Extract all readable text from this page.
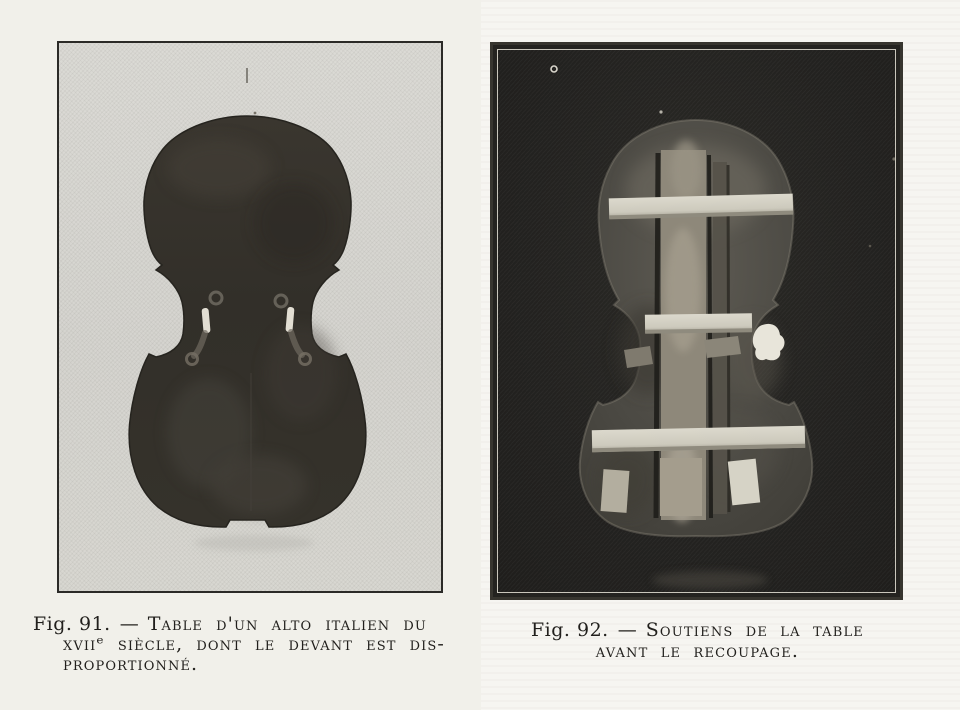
Fig. 91. — Table d'un alto italien du
xviiᵉ siècle, dont le devant est dis-
proportionné.
Fig. 92. — Soutiens de la table
avant le recoupage.
